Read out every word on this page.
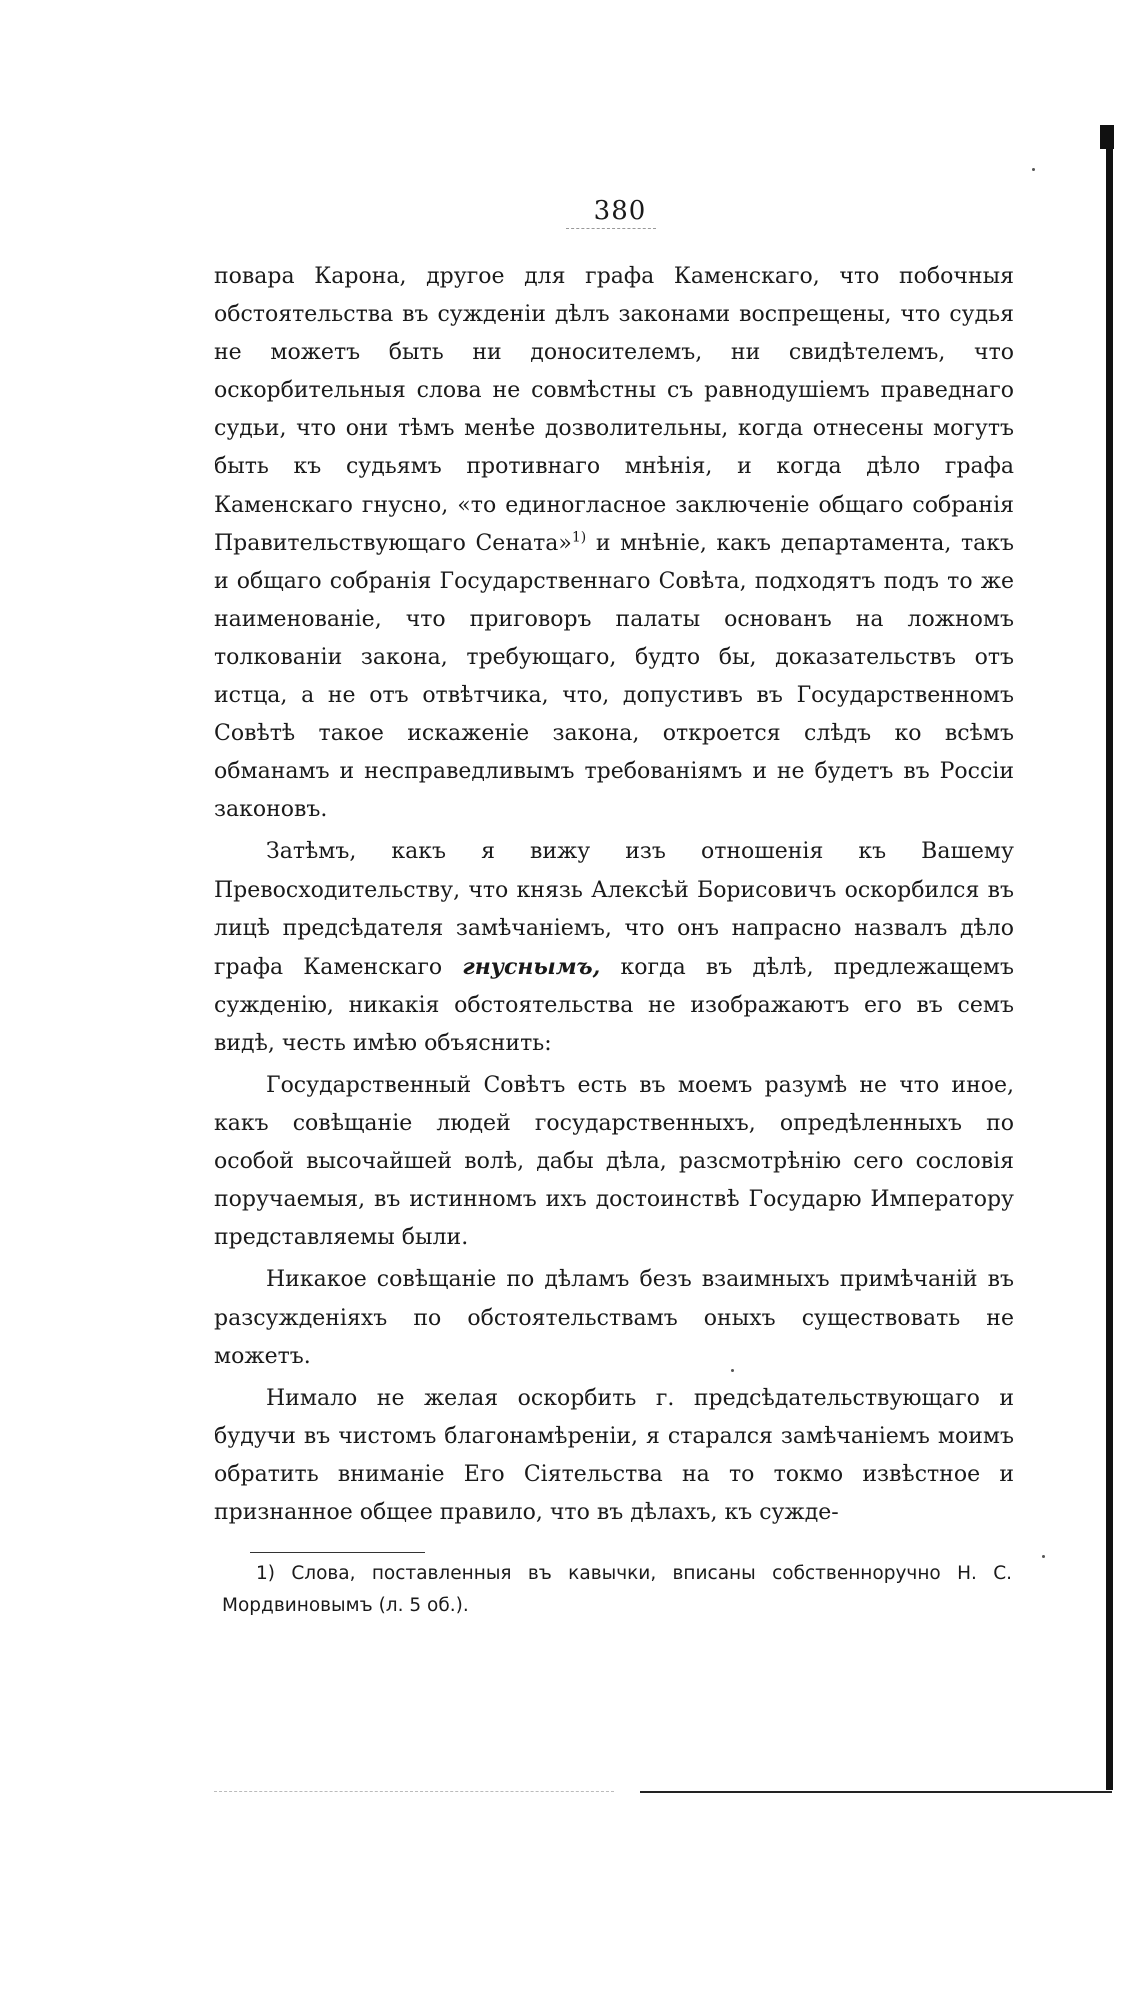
380

повара Карона, другое для графа Каменскаго, что побочныя обстоятельства въ сужденіи дѣлъ законами воспрещены, что судья не можетъ быть ни доносителемъ, ни свидѣтелемъ, что оскорбительныя слова не совмѣстны съ равнодушіемъ праведнаго судьи, что они тѣмъ менѣе дозволительны, когда отнесены могутъ быть къ судьямъ противнаго мнѣнія, и когда дѣло графа Каменскаго гнусно, «то единогласное заключеніе общаго собранія Правительствующаго Сената»$^{1)}$ и мнѣніе, какъ департамента, такъ и общаго собранія Государственнаго Совѣта, подходятъ подъ то же наименованіе, что приговоръ палаты основанъ на ложномъ толкованіи закона, требующаго, будто бы, доказательствъ отъ истца, а не отъ отвѣтчика, что, допустивъ въ Государственномъ Совѣтѣ такое искаженіе закона, откроется слѣдъ ко всѣмъ обманамъ и несправедливымъ требованіямъ и не будетъ въ Россіи законовъ.

Затѣмъ, какъ я вижу изъ отношенія къ Вашему Превосходительству, что князь Алексѣй Борисовичъ оскорбился въ лицѣ предсѣдателя замѣчаніемъ, что онъ напрасно назвалъ дѣло графа Каменскаго гнуснымъ, когда въ дѣлѣ, предлежащемъ сужденію, никакія обстоятельства не изображаютъ его въ семъ видѣ, честь имѣю объяснить:

Государственный Совѣтъ есть въ моемъ разумѣ не что иное, какъ совѣщаніе людей государственныхъ, опредѣленныхъ по особой высочайшей волѣ, дабы дѣла, разсмотрѣнію сего сословія поручаемыя, въ истинномъ ихъ достоинствѣ Государю Императору представляемы были.

Никакое совѣщаніе по дѣламъ безъ взаимныхъ примѣчаній въ разсужденіяхъ по обстоятельствамъ оныхъ существовать не можетъ.

Нимало не желая оскорбить г. предсѣдательствующаго и будучи въ чистомъ благонамѣреніи, я старался замѣчаніемъ моимъ обратить вниманіе Его Сіятельства на то токмо извѣстное и признанное общее правило, что въ дѣлахъ, къ сужде-

1) Слова, поставленныя въ кавычки, вписаны собственноручно Н. С. Мордвиновымъ (л. 5 об.).
